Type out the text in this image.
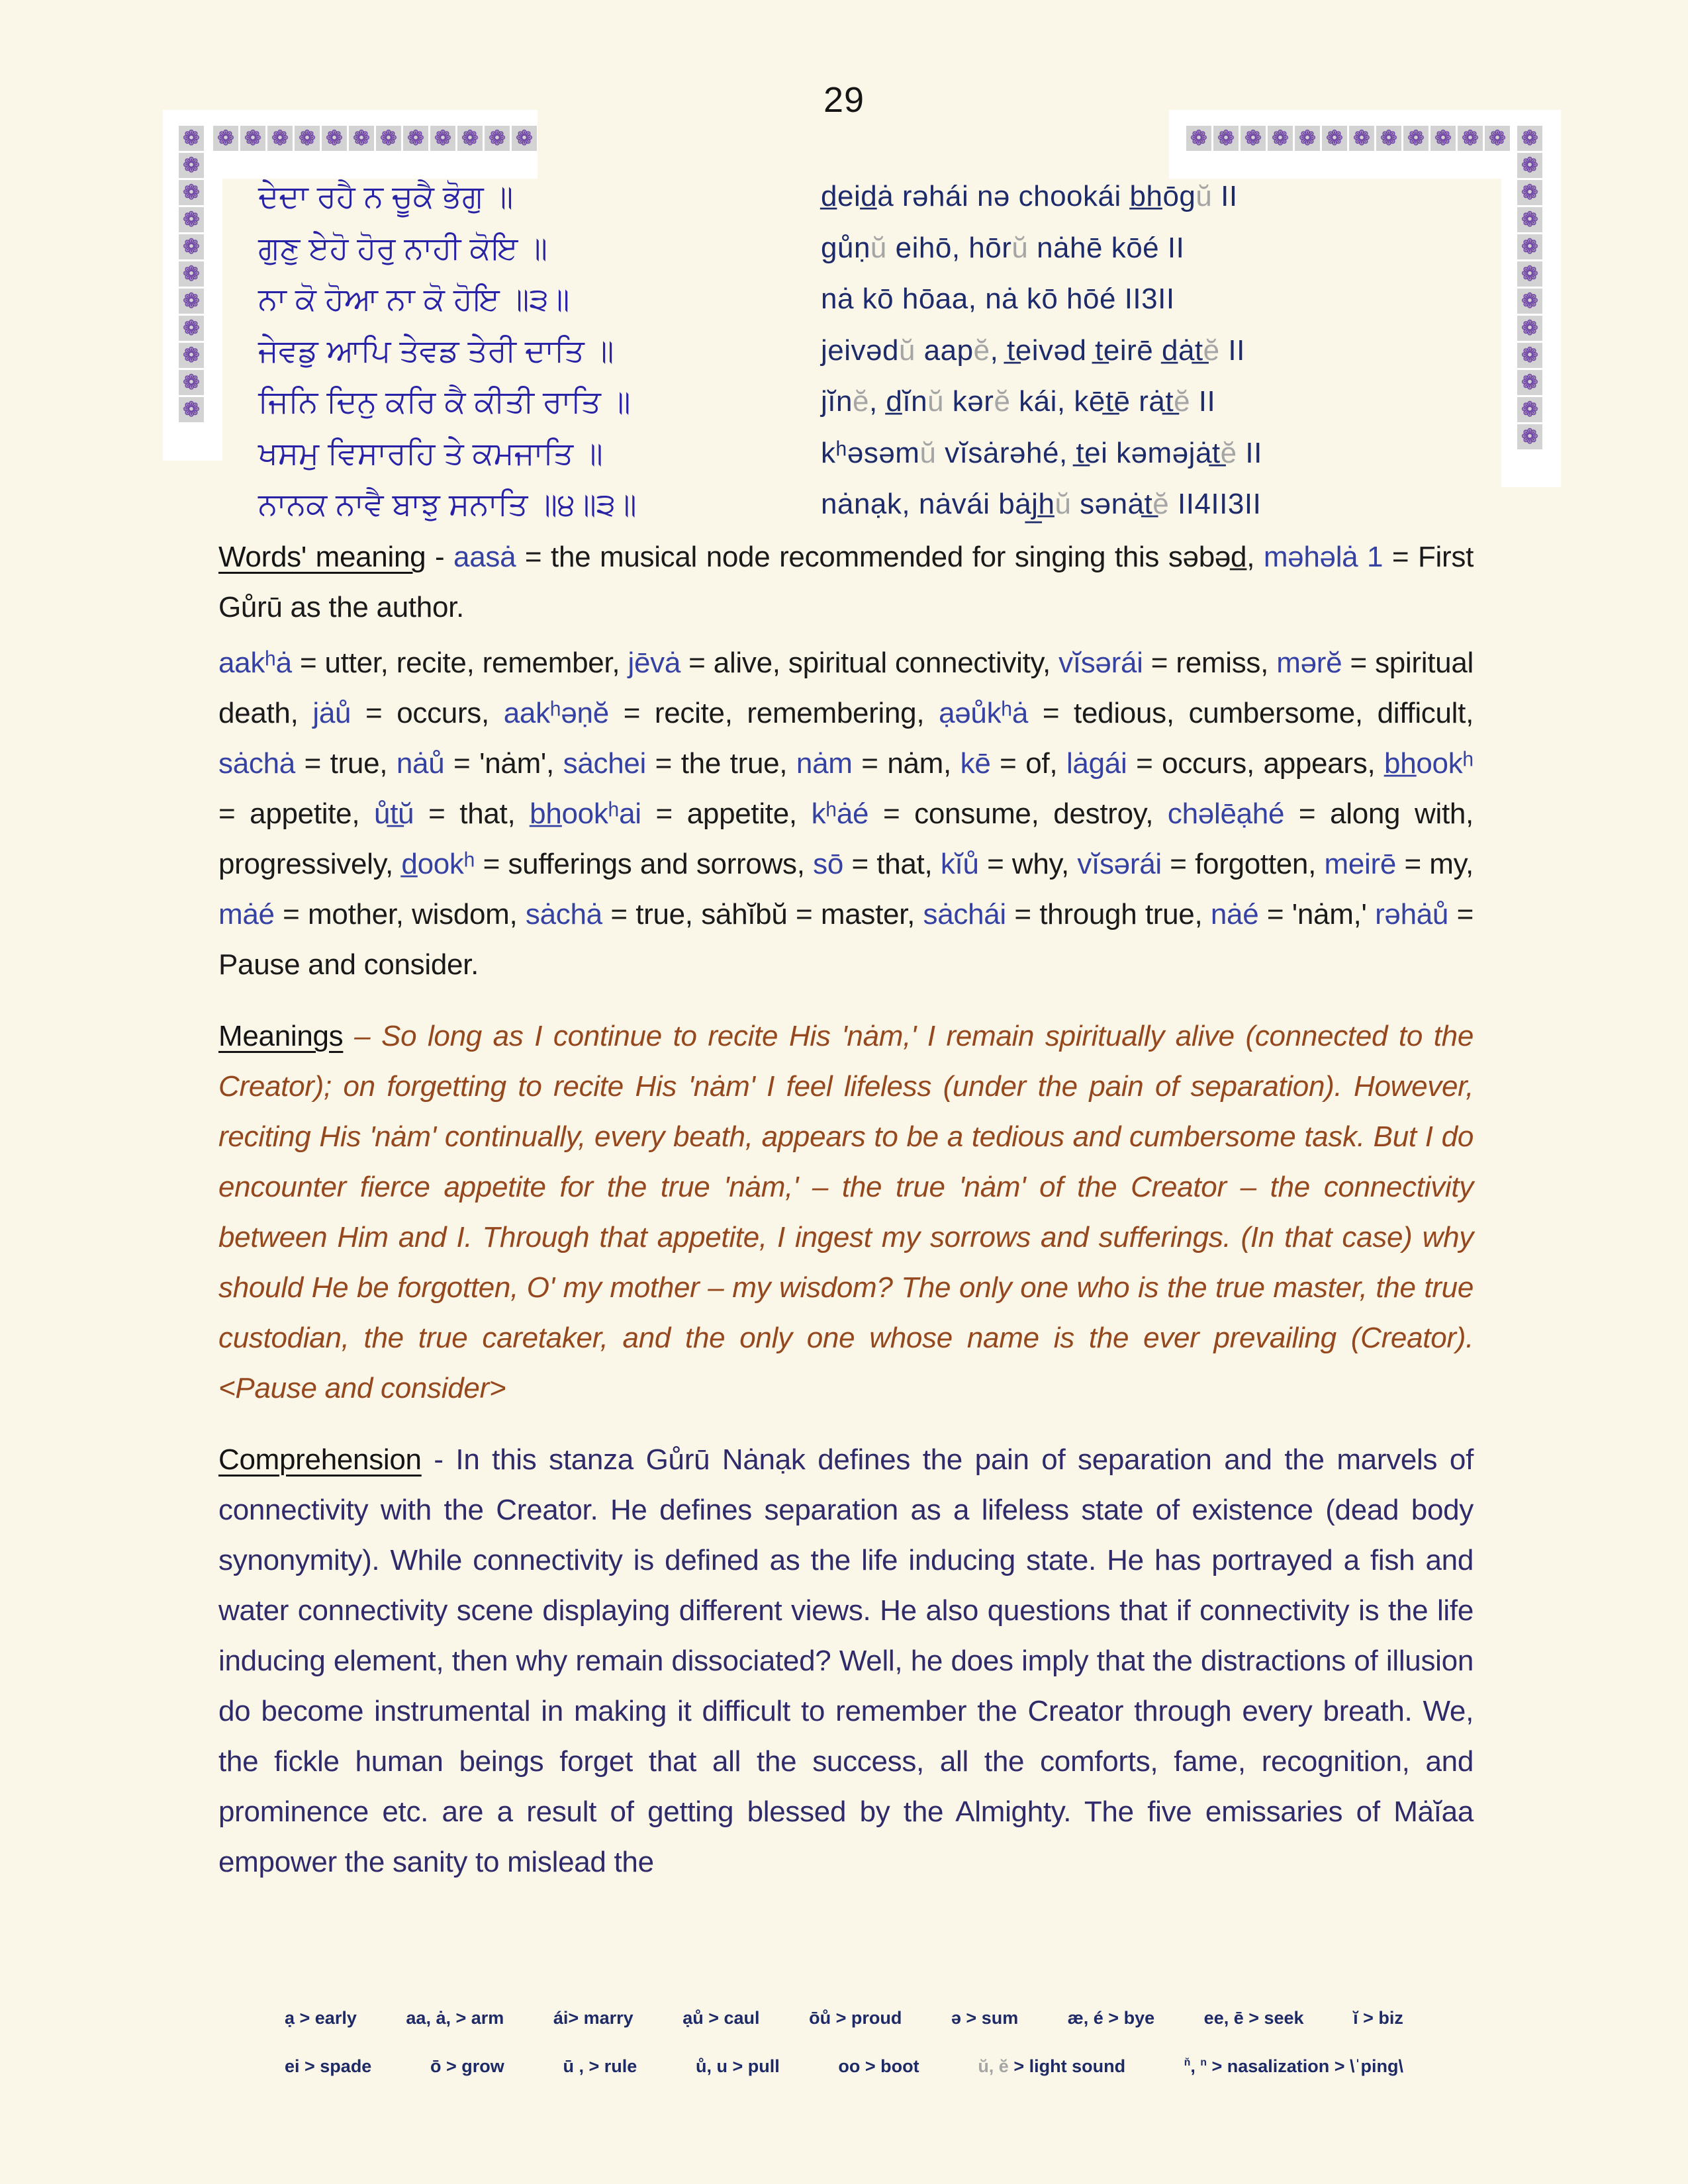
29
❁ ❁ ❁ ❁ ❁ ❁ ❁ ❁ ❁ ❁ ❁ ❁
❁
❁
❁
❁
❁
❁
❁
❁
❁
❁
❁
❁ ❁ ❁ ❁ ❁ ❁ ❁ ❁ ❁ ❁ ❁ ❁ ❁
❁
❁
❁
❁
❁
❁
❁
❁
❁
❁
❁
ਦੇਦਾ ਰਹੈ ਨ ਚੂਕੈ ਭੋਗੁ ॥	d̲eid̲ȧ rəhái nə chookái b̲h̲ōgŭ II
ਗੁਣੁ ਏਹੋ ਹੋਰੁ ਨਾਹੀ ਕੋਇ ॥	gůṇŭ eihō, hōrŭ nȧhē kōé II
ਨਾ ਕੋ ਹੋਆ ਨਾ ਕੋ ਹੋਇ ॥੩॥	nȧ kō hōaa, nȧ kō hōé II3II
ਜੇਵਡੁ ਆਪਿ ਤੇਵਡ ਤੇਰੀ ਦਾਤਿ ॥	jeivədŭ aapĕ, t̲eivəd t̲eirē d̲ȧt̲ĕ II
ਜਿਨਿ ਦਿਨੁ ਕਰਿ ਕੈ ਕੀਤੀ ਰਾਤਿ ॥	jĭnĕ, d̲ĭnŭ kərĕ kái, kēt̲ē rȧt̲ĕ II
ਖਸਮੁ ਵਿਸਾਰਹਿ ਤੇ ਕਮਜਾਤਿ ॥	kʰəsəmŭ vĭsȧrəhé, t̲ei kəməjȧt̲ĕ II
ਨਾਨਕ ਨਾਵੈ ਬਾਝੁ ਸਨਾਤਿ ॥੪॥੩॥	nȧnạk, nȧvái bȧj̲h̲ŭ sənȧt̲ĕ II4II3II

Words' meaning - aasȧ = the musical node recommended for singing this səbəd̲, məhəlȧ 1 = First Gůrū as the author.

aakʰȧ = utter, recite, remember, jēvȧ = alive, spiritual connectivity, vĭsərái = remiss, mərĕ = spiritual death, jȧů = occurs, aakʰəṇĕ = recite, remembering, ạəůkʰȧ = tedious, cumbersome, difficult, sȧchȧ = true, nȧů = 'nȧm', sȧchei = the true, nȧm = nȧm, kē = of, lȧgái = occurs, appears, b̲h̲ookʰ = appetite, ůt̲ŭ = that, b̲h̲ookʰai = appetite, kʰȧé = consume, destroy, chəlēạhé = along with, progressively, d̲ookʰ = sufferings and sorrows, sō = that, kĭů = why, vĭsərái = forgotten, meirē = my, mȧé = mother, wisdom, sȧchȧ = true, sȧhĭbŭ = master, sȧchái = through true, nȧé = 'nȧm,' rəhȧů = Pause and consider.

Meanings – So long as I continue to recite His 'nȧm,' I remain spiritually alive (connected to the Creator); on forgetting to recite His 'nȧm' I feel lifeless (under the pain of separation). However, reciting His 'nȧm' continually, every beath, appears to be a tedious and cumbersome task. But I do encounter fierce appetite for the true 'nȧm,' – the true 'nȧm' of the Creator – the connectivity between Him and I. Through that appetite, I ingest my sorrows and sufferings. (In that case) why should He be forgotten, O' my mother – my wisdom? The only one who is the true master, the true custodian, the true caretaker, and the only one whose name is the ever prevailing (Creator). <Pause and consider>

Comprehension - In this stanza Gůrū Nȧnạk defines the pain of separation and the marvels of connectivity with the Creator. He defines separation as a lifeless state of existence (dead body synonymity). While connectivity is defined as the life inducing state. He has portrayed a fish and water connectivity scene displaying different views. He also questions that if connectivity is the life inducing element, then why remain dissociated? Well, he does imply that the distractions of illusion do become instrumental in making it difficult to remember the Creator through every breath. We, the fickle human beings forget that all the success, all the comforts, fame, recognition, and prominence etc. are a result of getting blessed by the Almighty. The five emissaries of Mȧĭaa empower the sanity to mislead the

ạ > early	aa, ȧ, > arm	ái> marry	ạů > caul	ōů > proud	ə > sum	æ, é > bye	ee, ē > seek	ĭ > biz
ei > spade	ō > grow	ū , > rule	ů, u > pull	oo > boot	ŭ, ĕ > light sound	$^ň$, $^n$ > nasalization > \ˈping\
